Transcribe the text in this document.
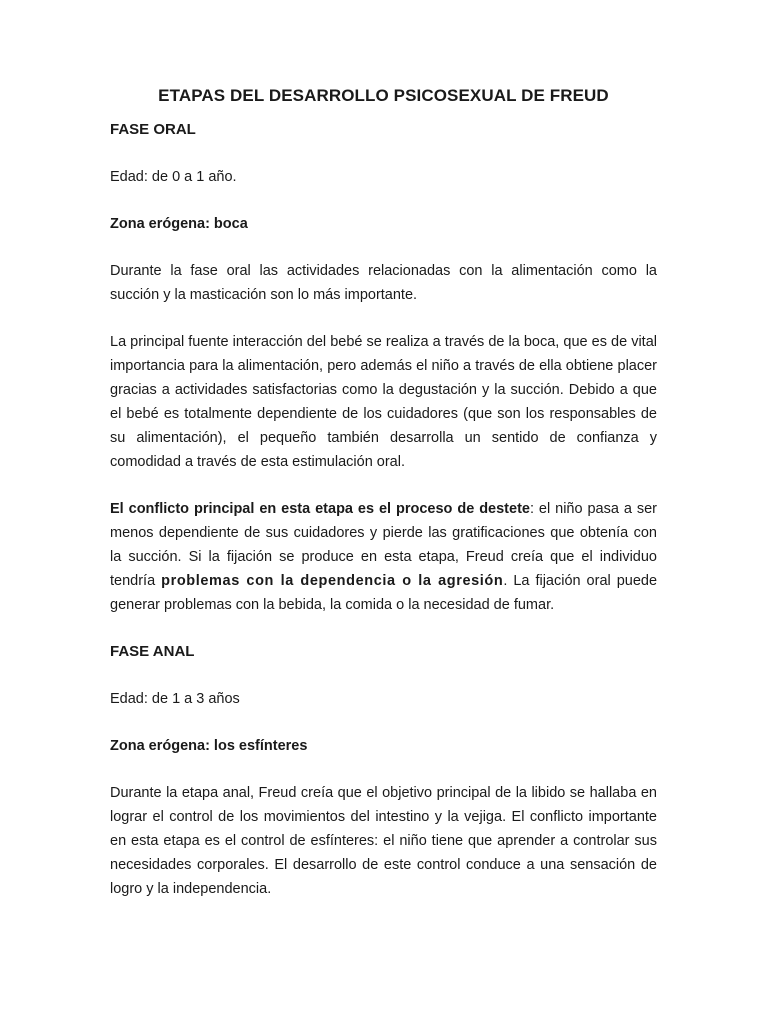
ETAPAS DEL DESARROLLO PSICOSEXUAL DE FREUD
FASE ORAL

Edad: de 0 a 1 año.

Zona erógena: boca

Durante la fase oral las actividades relacionadas con la alimentación como la succión y la masticación son lo más importante.

La principal fuente interacción del bebé se realiza a través de la boca, que es de vital importancia para la alimentación, pero además el niño a través de ella obtiene placer gracias a actividades satisfactorias como la degustación y la succión. Debido a que el bebé es totalmente dependiente de los cuidadores (que son los responsables de su alimentación), el pequeño también desarrolla un sentido de confianza y comodidad a través de esta estimulación oral.

El conflicto principal en esta etapa es el proceso de destete: el niño pasa a ser menos dependiente de sus cuidadores y pierde las gratificaciones que obtenía con la succión. Si la fijación se produce en esta etapa, Freud creía que el individuo tendría problemas con la dependencia o la agresión. La fijación oral puede generar problemas con la bebida, la comida o la necesidad de fumar.

FASE ANAL

Edad: de 1 a 3 años

Zona erógena: los esfínteres

Durante la etapa anal, Freud creía que el objetivo principal de la libido se hallaba en lograr el control de los movimientos del intestino y la vejiga. El conflicto importante en esta etapa es el control de esfínteres: el niño tiene que aprender a controlar sus necesidades corporales. El desarrollo de este control conduce a una sensación de logro y la independencia.
